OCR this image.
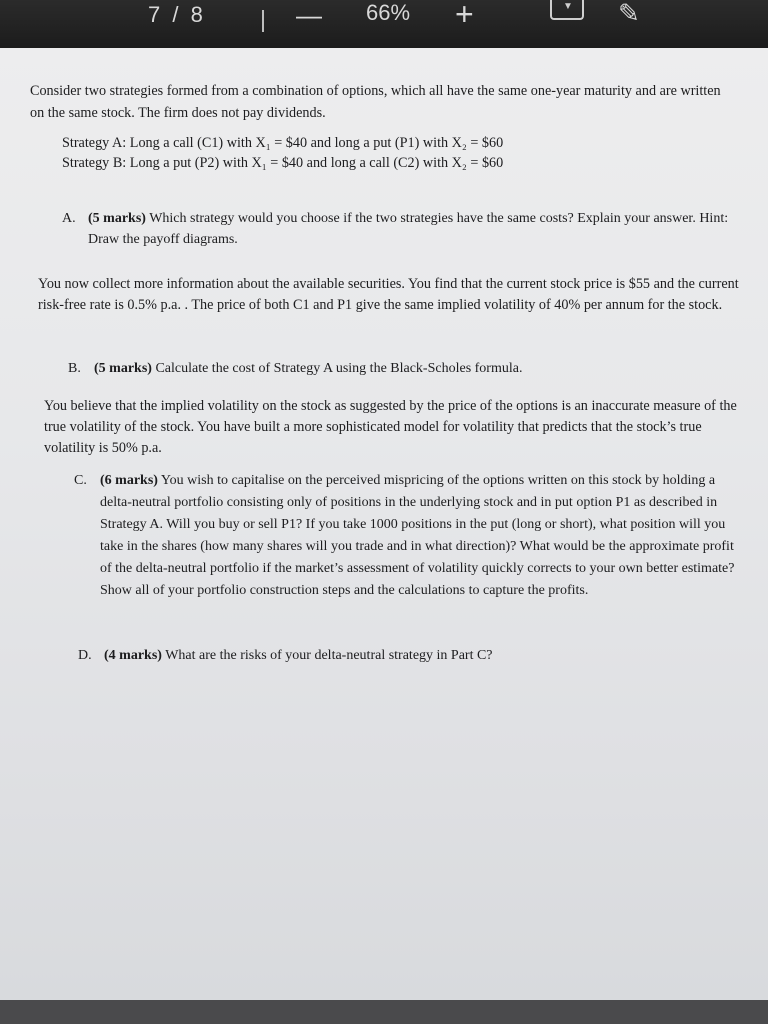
7 / 8	— 66% +	▼ ✎

Consider two strategies formed from a combination of options, which all have the same one-year maturity and are written on the same stock. The firm does not pay dividends.

Strategy A: Long a call (C1) with X₁ = $40 and long a put (P1) with X₂ = $60
Strategy B: Long a put (P2) with X₁ = $40 and long a call (C2) with X₂ = $60
A. (5 marks) Which strategy would you choose if the two strategies have the same costs? Explain your answer. Hint: Draw the payoff diagrams.

You now collect more information about the available securities. You find that the current stock price is $55 and the current risk-free rate is 0.5% p.a. . The price of both C1 and P1 give the same implied volatility of 40% per annum for the stock.

B. (5 marks) Calculate the cost of Strategy A using the Black-Scholes formula.

You believe that the implied volatility on the stock as suggested by the price of the options is an inaccurate measure of the true volatility of the stock. You have built a more sophisticated model for volatility that predicts that the stock’s true volatility is 50% p.a.

C. (6 marks) You wish to capitalise on the perceived mispricing of the options written on this stock by holding a delta-neutral portfolio consisting only of positions in the underlying stock and in put option P1 as described in Strategy A. Will you buy or sell P1? If you take 1000 positions in the put (long or short), what position will you take in the shares (how many shares will you trade and in what direction)? What would be the approximate profit of the delta-neutral portfolio if the market’s assessment of volatility quickly corrects to your own better estimate? Show all of your portfolio construction steps and the calculations to capture the profits.
D. (4 marks) What are the risks of your delta-neutral strategy in Part C?
